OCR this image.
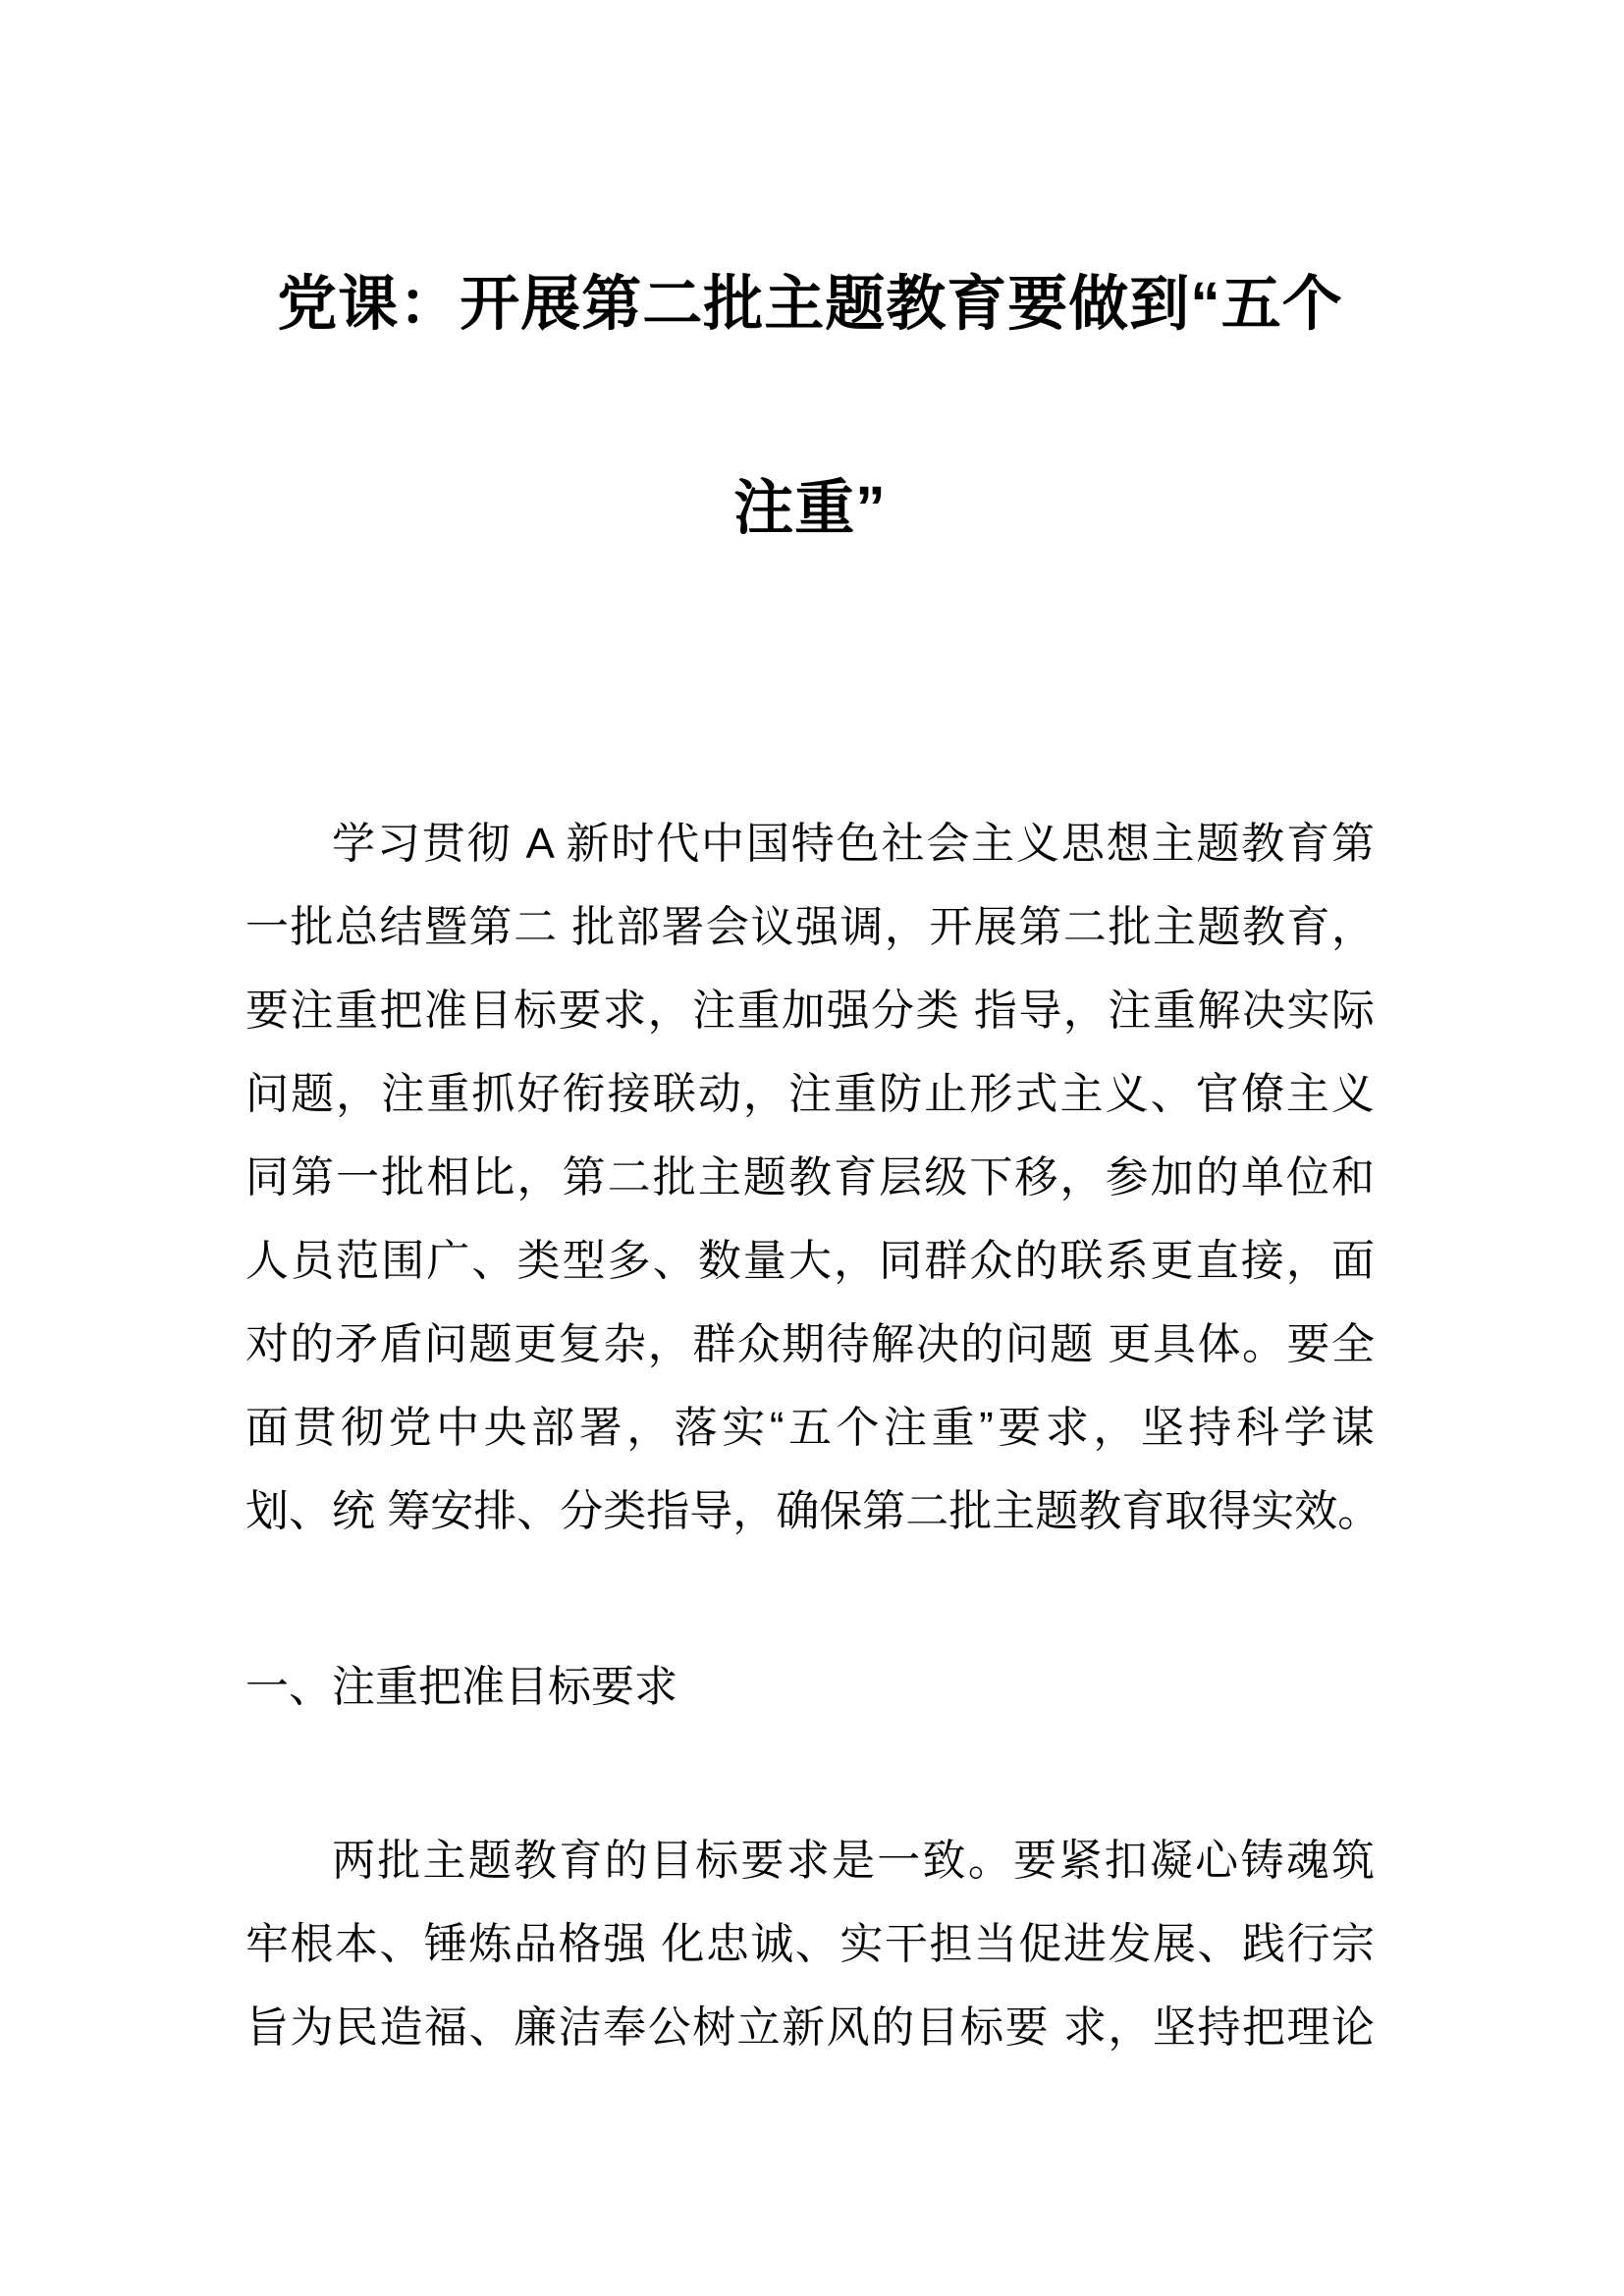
党课：开展第二批主题教育要做到“五个
注重”
学习贯彻 A 新时代中国特色社会主义思想主题教育第
一批总结暨第二 批部署会议强调，开展第二批主题教育，
要注重把准目标要求，注重加强分类 指导，注重解决实际
问题，注重抓好衔接联动，注重防止形式主义、官僚主义
同第一批相比，第二批主题教育层级下移，参加的单位和
人员范围广、类型多、数量大，同群众的联系更直接，面
对的矛盾问题更复杂，群众期待解决的问题 更具体。要全
面贯彻党中央部署，落实“五个注重”要求，坚持科学谋
划、统 筹安排、分类指导，确保第二批主题教育取得实效。
一、注重把准目标要求
两批主题教育的目标要求是一致。要紧扣凝心铸魂筑
牢根本、锤炼品格强 化忠诚、实干担当促进发展、践行宗
旨为民造福、廉洁奉公树立新风的目标要 求，坚持把理论
